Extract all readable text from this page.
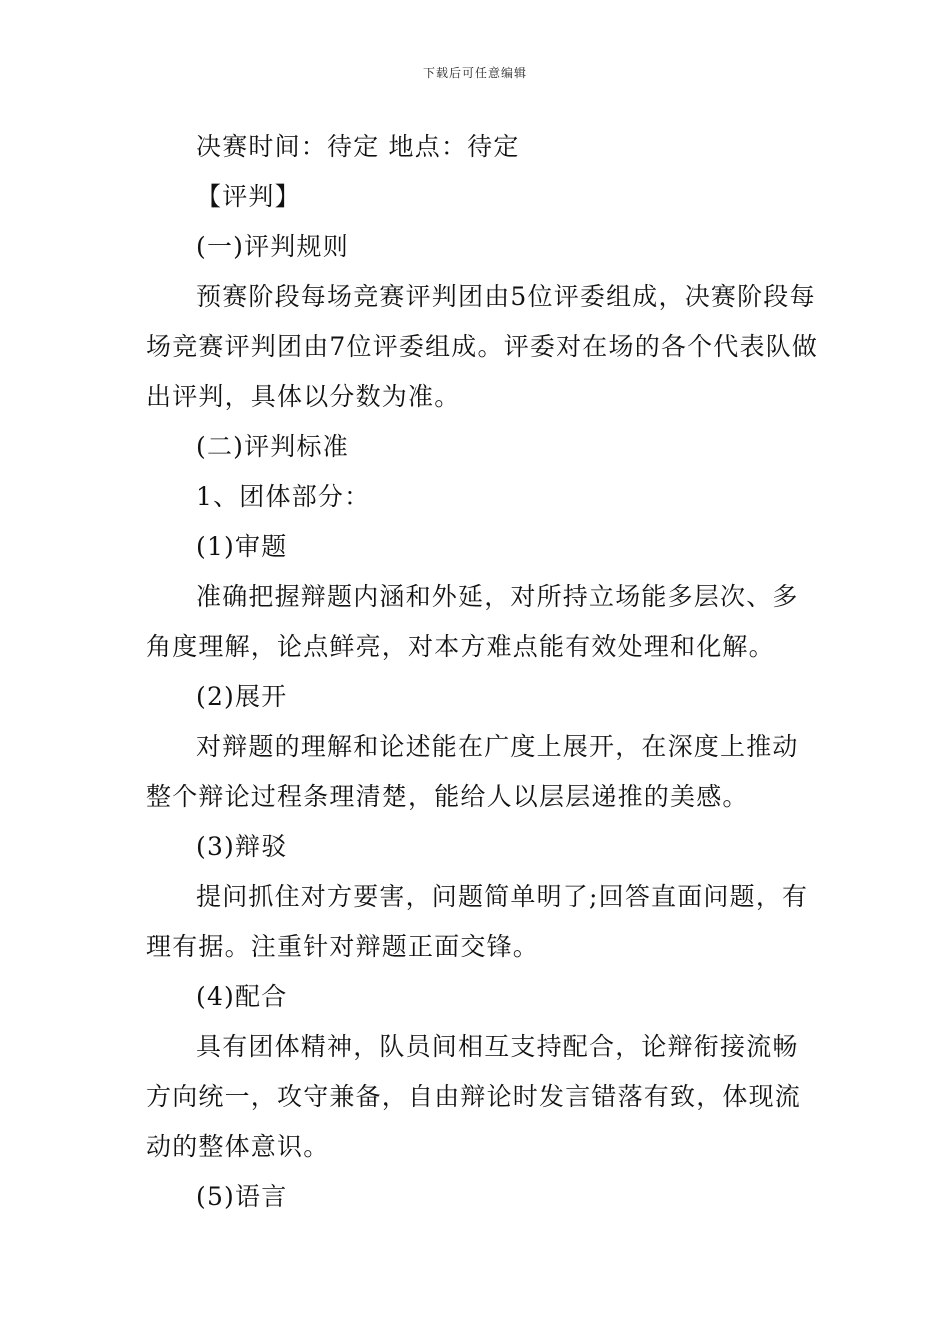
下载后可任意编辑
决赛时间：待定 地点：待定
【评判】
(一)评判规则
预赛阶段每场竞赛评判团由5位评委组成，决赛阶段每
场竞赛评判团由7位评委组成。评委对在场的各个代表队做
出评判，具体以分数为准。
(二)评判标准
1、团体部分：
(1)审题
准确把握辩题内涵和外延，对所持立场能多层次、多
角度理解，论点鲜亮，对本方难点能有效处理和化解。
(2)展开
对辩题的理解和论述能在广度上展开，在深度上推动
整个辩论过程条理清楚，能给人以层层递推的美感。
(3)辩驳
提问抓住对方要害，问题简单明了;回答直面问题，有
理有据。注重针对辩题正面交锋。
(4)配合
具有团体精神，队员间相互支持配合，论辩衔接流畅
方向统一，攻守兼备，自由辩论时发言错落有致，体现流
动的整体意识。
(5)语言
